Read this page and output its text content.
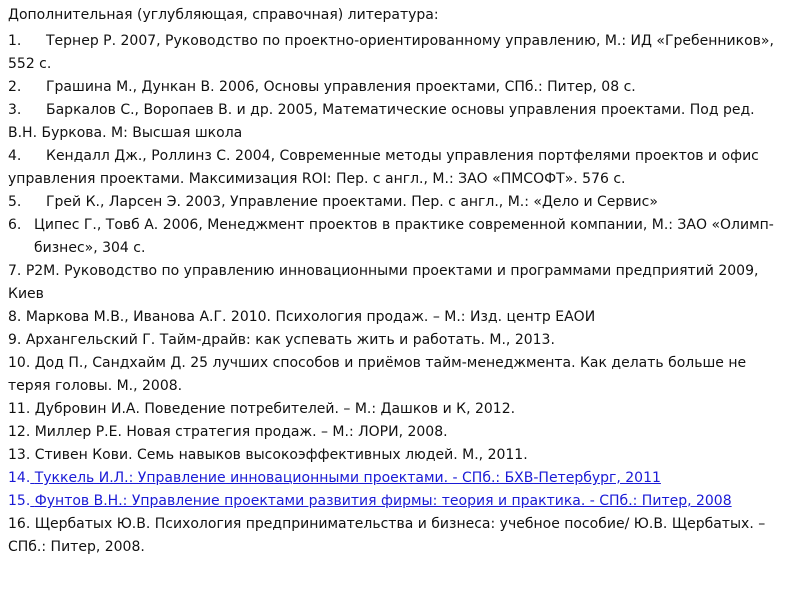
Дополнительная (углубляющая, справочная) литература:

1. Тернер Р. 2007, Руководство по проектно-ориентированному управлению, М.: ИД «Гребенников», 552 с.

2. Грашина М., Дункан В. 2006, Основы управления проектами, СПб.: Питер, 08 с.

3. Баркалов С., Воропаев В. и др. 2005, Математические основы управления проектами. Под ред. В.Н. Буркова. М: Высшая школа

4. Кендалл Дж., Роллинз С. 2004, Современные методы управления портфелями проектов и офис управления проектами. Максимизация ROI: Пер. с англ., М.: ЗАО «ПМСОФТ». 576 с.

5. Грей К., Ларсен Э. 2003, Управление проектами. Пер. с англ., М.: «Дело и Сервис»

6. Ципес Г., Товб А. 2006, Менеджмент проектов в практике современной компании, М.: ЗАО «Олимп-бизнес», 304 с.

7. P2M. Руководство по управлению инновационными проектами и программами предприятий 2009, Киев

8. Маркова М.В., Иванова А.Г. 2010. Психология продаж. – М.: Изд. центр ЕАОИ

9. Архангельский Г. Тайм-драйв: как успевать жить и работать. М., 2013.

10. Дод П., Сандхайм Д. 25 лучших способов и приёмов тайм-менеджмента. Как делать больше не теряя головы. М., 2008.

11. Дубровин И.А. Поведение потребителей. – М.: Дашков и К, 2012.

12. Миллер Р.Е. Новая стратегия продаж. – М.: ЛОРИ, 2008.

13. Стивен Кови. Семь навыков высокоэффективных людей. М., 2011.

14. Туккель И.Л.: Управление инновационными проектами. - СПб.: БХВ-Петербург, 2011

15. Фунтов В.Н.: Управление проектами развития фирмы: теория и практика. - СПб.: Питер, 2008

16. Щербатых Ю.В. Психология предпринимательства и бизнеса: учебное пособие/ Ю.В. Щербатых. – СПб.: Питер, 2008.
